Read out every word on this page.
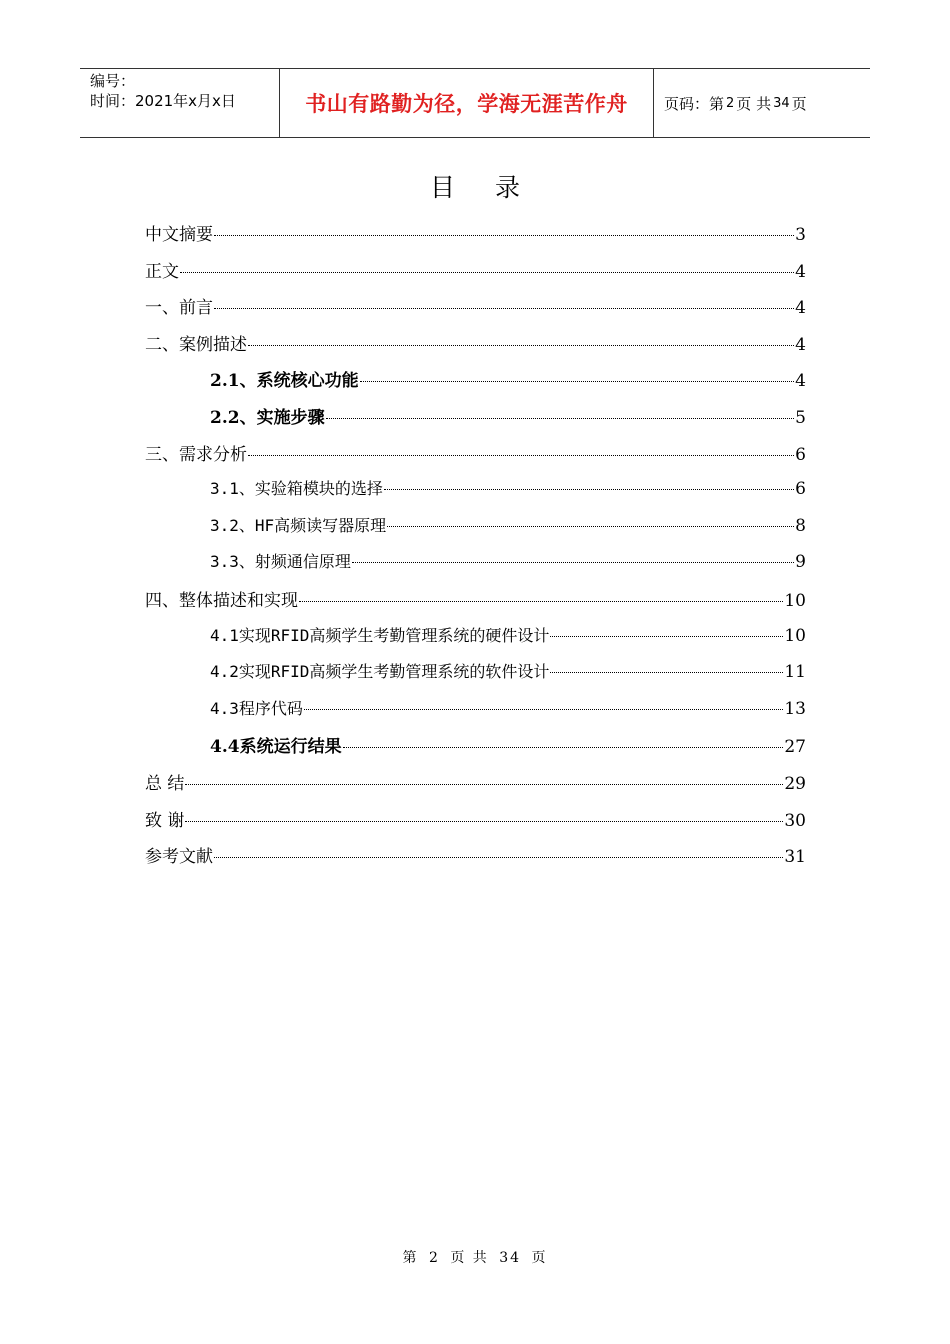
编号：
时间：2021年x月x日	书山有路勤为径，学海无涯苦作舟	页码：第 2 页 共 34 页
目 录
中文摘要	3
正文	4
一、前言	4
二、案例描述	4
2.1、系统核心功能	4
2.2、实施步骤	5
三、需求分析	6
3.1、实验箱模块的选择	6
3.2、HF高频读写器原理	8
3.3、射频通信原理	9
四、整体描述和实现	10
4.1实现RFID高频学生考勤管理系统的硬件设计	10
4.2实现RFID高频学生考勤管理系统的软件设计	11
4.3程序代码	13
4.4系统运行结果	27
总 结	29
致 谢	30
参考文献	31
第 2 页 共 34 页
